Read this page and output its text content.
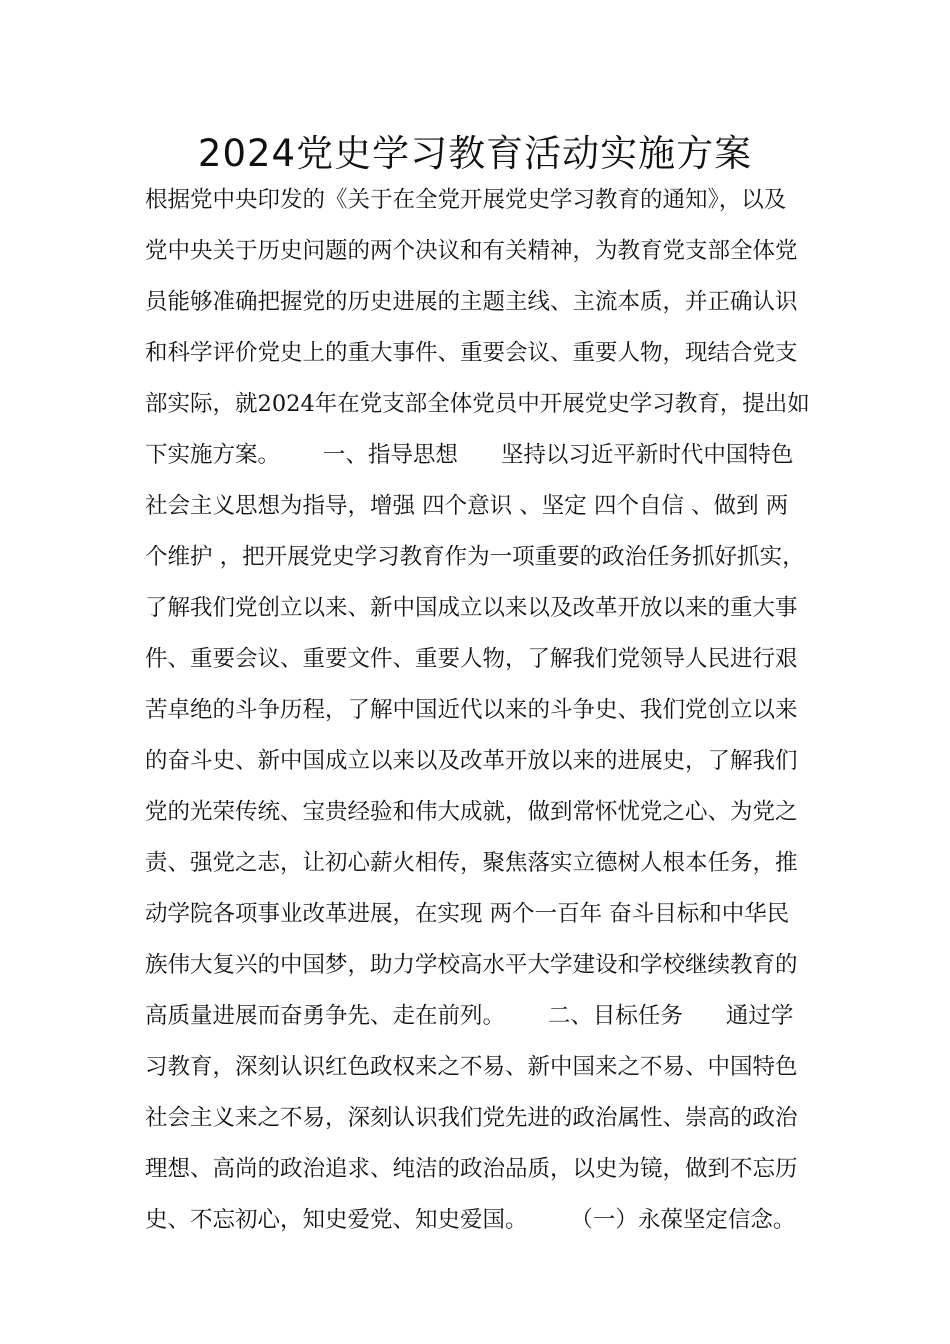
2024党史学习教育活动实施方案
根据党中央印发的《关于在全党开展党史学习教育的通知》，以及
党中央关于历史问题的两个决议和有关精神，为教育党支部全体党
员能够准确把握党的历史进展的主题主线、主流本质，并正确认识
和科学评价党史上的重大事件、重要会议、重要人物，现结合党支
部实际，就2024年在党支部全体党员中开展党史学习教育，提出如
下实施方案。      一、指导思想      坚持以习近平新时代中国特色
社会主义思想为指导，增强 四个意识 、坚定 四个自信 、做到 两
个维护 ，把开展党史学习教育作为一项重要的政治任务抓好抓实，
了解我们党创立以来、新中国成立以来以及改革开放以来的重大事
件、重要会议、重要文件、重要人物，了解我们党领导人民进行艰
苦卓绝的斗争历程，了解中国近代以来的斗争史、我们党创立以来
的奋斗史、新中国成立以来以及改革开放以来的进展史，了解我们
党的光荣传统、宝贵经验和伟大成就，做到常怀忧党之心、为党之
责、强党之志，让初心薪火相传，聚焦落实立德树人根本任务，推
动学院各项事业改革进展，在实现 两个一百年 奋斗目标和中华民
族伟大复兴的中国梦，助力学校高水平大学建设和学校继续教育的
高质量进展而奋勇争先、走在前列。      二、目标任务      通过学
习教育，深刻认识红色政权来之不易、新中国来之不易、中国特色
社会主义来之不易，深刻认识我们党先进的政治属性、崇高的政治
理想、高尚的政治追求、纯洁的政治品质，以史为镜，做到不忘历
史、不忘初心，知史爱党、知史爱国。      （一）永葆坚定信念。
